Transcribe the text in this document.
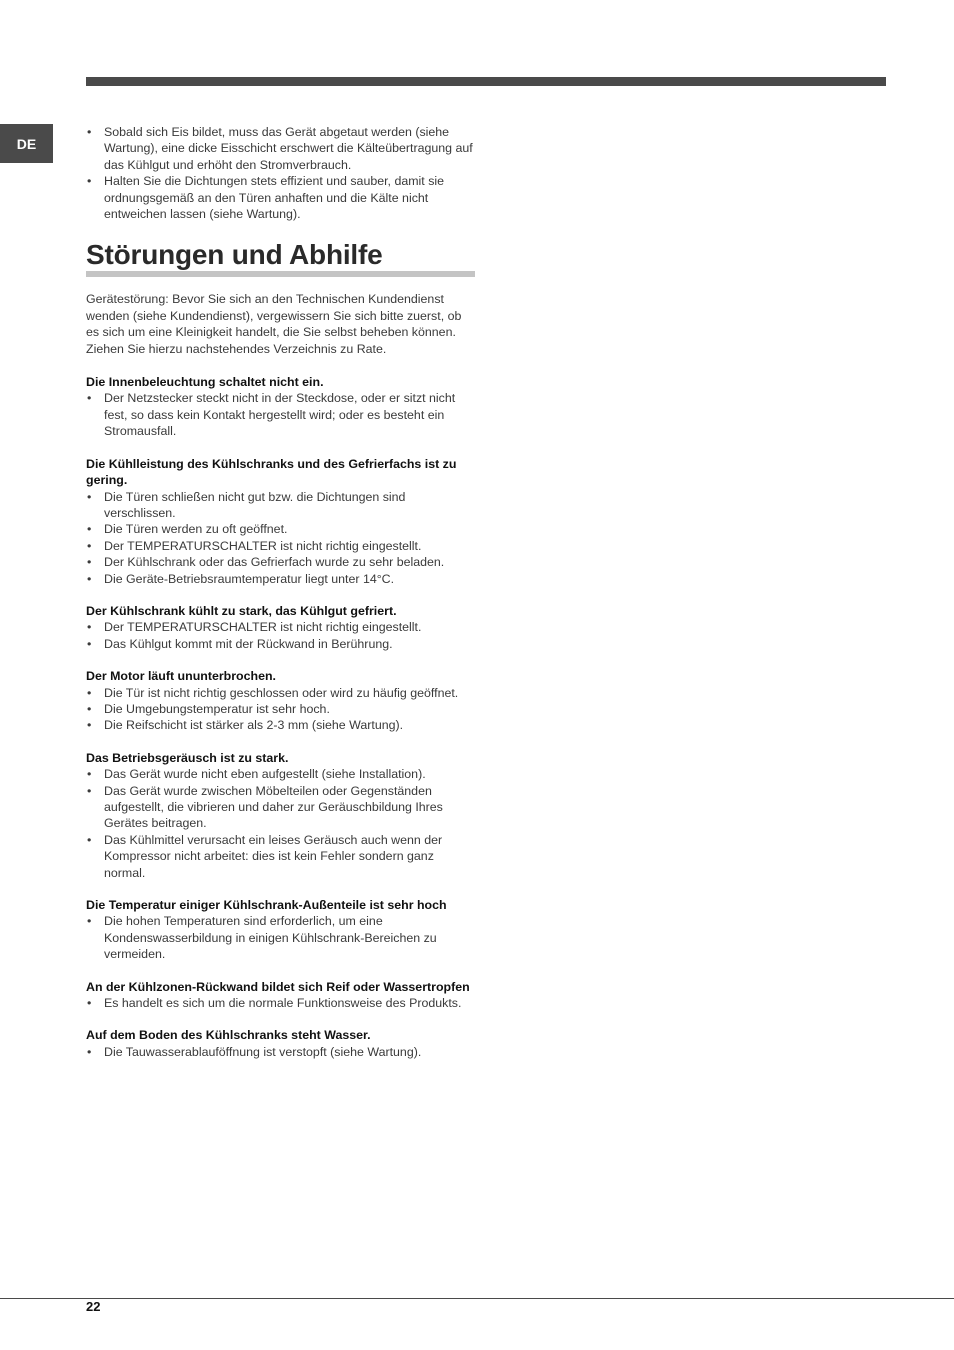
DE
• Sobald sich Eis bildet, muss das Gerät abgetaut werden (siehe Wartung), eine dicke Eisschicht erschwert die Kälteübertragung auf das Kühlgut und erhöht den Stromverbrauch.
• Halten Sie die Dichtungen stets effizient und sauber, damit sie ordnungsgemäß an den Türen anhaften und die Kälte nicht entweichen lassen (siehe Wartung).
Störungen und Abhilfe

Gerätestörung: Bevor Sie sich an den Technischen Kundendienst wenden (siehe Kundendienst), vergewissern Sie sich bitte zuerst, ob es sich um eine Kleinigkeit handelt, die Sie selbst beheben können. Ziehen Sie hierzu nachstehendes Verzeichnis zu Rate.

Die Innenbeleuchtung schaltet nicht ein.

• Der Netzstecker steckt nicht in der Steckdose, oder er sitzt nicht fest, so dass kein Kontakt hergestellt wird; oder es besteht ein Stromausfall.

Die Kühlleistung des Kühlschranks und des Gefrierfachs ist zu gering.

• Die Türen schließen nicht gut bzw. die Dichtungen sind verschlissen.
• Die Türen werden zu oft geöffnet.
• Der TEMPERATURSCHALTER ist nicht richtig eingestellt.
• Der Kühlschrank oder das Gefrierfach wurde zu sehr beladen.
• Die Geräte-Betriebsraumtemperatur liegt unter 14°C.

Der Kühlschrank kühlt zu stark, das Kühlgut gefriert.

• Der TEMPERATURSCHALTER ist nicht richtig eingestellt.
• Das Kühlgut kommt mit der Rückwand in Berührung.

Der Motor läuft ununterbrochen.

• Die Tür ist nicht richtig geschlossen oder wird zu häufig geöffnet.
• Die Umgebungstemperatur ist sehr hoch.
• Die Reifschicht ist stärker als 2-3 mm (siehe Wartung).

Das Betriebsgeräusch ist zu stark.

• Das Gerät wurde nicht eben aufgestellt (siehe Installation).
• Das Gerät wurde zwischen Möbelteilen oder Gegenständen aufgestellt, die vibrieren und daher zur Geräuschbildung Ihres Gerätes beitragen.
• Das Kühlmittel verursacht ein leises Geräusch auch wenn der Kompressor nicht arbeitet: dies ist kein Fehler sondern ganz normal.

Die Temperatur einiger Kühlschrank-Außenteile ist sehr hoch

• Die hohen Temperaturen sind erforderlich, um eine Kondenswasserbildung in einigen Kühlschrank-Bereichen zu vermeiden.

An der Kühlzonen-Rückwand bildet sich Reif oder Wassertropfen

• Es handelt es sich um die normale Funktionsweise des Produkts.

Auf dem Boden des Kühlschranks steht Wasser.

• Die Tauwasserablauföffnung ist verstopft (siehe Wartung).
22
